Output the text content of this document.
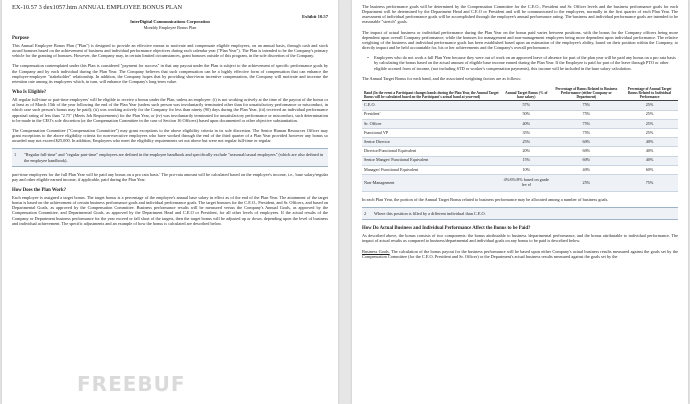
EX-10.57 3 dex1057.htm ANNUAL EMPLOYEE BONUS PLAN
Exhibit 10.57
InterDigital Communications Corporation
Monthly Employee Bonus Plan
Purpose

This Annual Employee Bonus Plan ("Plan") is designed to provide an effective means to motivate and compensate eligible employees, on an annual basis, through cash and stock award bonuses based on the achievement of business and individual performance objectives during each calendar year ("Plan Year"). The Plan is intended to be the Company's primary vehicle for the granting of bonuses. However, the Company may, in certain limited circumstances, grant bonuses outside of this program, in the sole discretion of the Company.

The compensation contemplated under this Plan is considered "payment for success" in that any payout under the Plan is subject to the achievement of specific performance goals by the Company and by each individual during the Plan Year. The Company believes that such compensation can be a highly effective form of compensation that can enhance the employer-employee "stakeholder" relationship. In addition, the Company hopes that by providing short-term incentive compensation, the Company will motivate and increase the retention rate among its employees which, in turn, will enhance the Company's long-term value.

Who Is Eligible?

All regular full-time or part-time employees' will be eligible to receive a bonus under the Plan, unless an employee: (i) is not working actively at the time of the payout of the bonus or at least as of March 15th of the year following the end of the Plan Year (unless such person was involuntarily terminated other than for unsatisfactory performance or misconduct, in which case such person's bonus may be paid); (ii) was working actively for the Company for less than ninety (90) days during the Plan Year, (iii) received an individual performance appraisal rating of less than "2.75" (Meets Job Requirements) for the Plan Year, or (iv) was involuntarily terminated for unsatisfactory performance or misconduct, such determination to be made in the CEO's sole discretion (or the Compensation Committee in the case of Section 16 Officers) based upon documented or other objective substantiation.

The Compensation Committee ("Compensation Committee") may grant exceptions to the above eligibility criteria in its sole discretion. The Senior Human Resources Officer may grant exceptions to the above eligibility criteria for non-executive employees who have worked through the end of the third quarter of a Plan Year provided however any bonus so awarded may not exceed $25,000. In addition, Employees who meet the eligibility requirements set out above but were not regular full-time or regular

1	"Regular full-time" and "regular part-time" employees are defined in the employee handbook and specifically exclude "seasonal/casual employees" (which are also defined in the employee handbook).

part-time employees for the full Plan Year will be paid any bonus on a pro rata basis.' The pro-rata amount will be calculated based on the employee's income, i.e., base salary/regular pay and other eligible earned income, if applicable, paid during the Plan Year.

How Does the Plan Work?

Each employee is assigned a target bonus. The target bonus is a percentage of the employee's annual base salary in effect as of the end of the Plan Year. The attainment of the target bonus is based on the achievement of certain business performance goals and individual performance goals. The target bonuses for the C.E.O., President, and Sr. Officers, and based on Departmental Goals, as approved by the Compensation Committee. Business performance results will be measured versus the Company's Annual Goals, as approved by the Compensation Committee, and Departmental Goals, as approved by the Department Head and C.E.O or President, for all other levels of employees. If the actual results of the Company or Department business performance for the year exceed or fall short of the targets, then the target bonus will be adjusted up or down, depending upon the level of business and individual achievement. The specific adjustments and an example of how the bonus is calculated are described below.

FREEBUF

The business performance goals will be determined by the Compensation Committee for the C.E.O., President and Sr. Officer levels and the business performance goals for each Department will be determined by the Department Head and C.E.O or President and will be communicated to the employees, normally in the first quarter of each Plan Year. The assessment of individual performance goals will be accomplished through the employee's annual performance rating. The business and individual performance goals are intended to be reasonable "stretch" goals.

The impact of actual business or individual performance during the Plan Year on the bonus paid varies between positions, with the bonus for the Company officers being more dependent upon overall Company performance, while the bonuses for management and non-management employees being more dependent upon individual performance. The relative weighting of the business and individual performance goals has been established based upon an estimation of the employee's ability, based on their position within the Company, to directly impact and be held accountable for, his or her achievements and the Company's overall performance.

•	Employees who do not work a full Plan Year because they were out of work on an approved leave of absence for part of the plan year will be paid any bonus on a pro rata basis by calculating the bonus based on the actual amount of eligible base income earned during the Plan Year. If the Employee is paid for part of the leave through PTO or other eligible accrued form of income, (not including STD or worker's compensation payments), this income will be included in the base salary calculation.

The Annual Target Bonus for each band, and the associated weighting factors are as follows:

Band (In the event a Participant changes bands during the Plan Year, the Annual Target Bonus will be calculated based on the Participant's actual band at year-end)	Annual Target Bonus (% of base salary)	Percentage of Bonus Related to Business Performance (either Company or Department)	Percentage of Annual Target Bonus Related to Individual Performance
C.E.O.	57%	75%	25%
President'	50%	75%	25%
Sr. Officer	40%	75%	25%
Functional VP	35%	75%	25%
Senior Director	25%	60%	40%
Director/Functional Equivalent	20%	60%	40%
Senior Manger/ Functional Equivalent	15%	60%	40%
Manager/ Functional Equivalent	10%	40%	60%
Non-Management	4%/6%/8% based on grade lev el	25%	75%

In each Plan Year, the portion of the Annual Target Bonus related to business performance may be allocated among a number of business goals.

2	Where this position is filled by a different individual than C.E.O.
How Do Actual Business and Individual Performance Affect the Bonus to be Paid?

As described above, the bonus consists of two components: the bonus attributable to business /departmental performance, and the bonus attributable to individual performance. The impact of actual results as compared to business/departmental and individual goals on any bonus to be paid is described below.

Business Goals. The calculation of the bonus payout for the business performance will be based upon either Company's actual business results measured against the goals set by the Compensation Committee (for the C.E.O, President and Sr. Officer) or the Department's actual business results measured against the goals set by the
